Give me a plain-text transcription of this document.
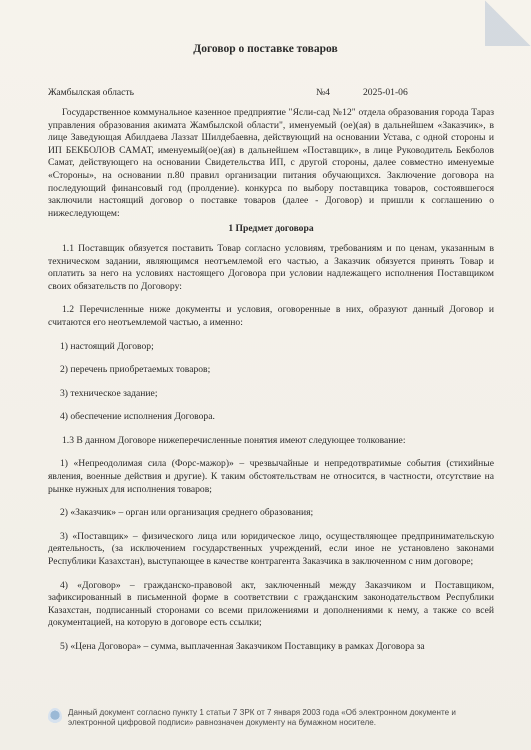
Договор о поставке товаров
Жамбылская область	№4	2025-01-06

Государственное коммунальное казенное предприятие "Ясли-сад №12" отдела образования города Тараз управления образования акимата Жамбылской области", именуемый (ое)(ая) в дальнейшем «Заказчик», в лице Заведующая Абилдаева Лаззат Шилдебаевна, действующий на основании Устава, с одной стороны и ИП БЕКБОЛОВ САМАТ, именуемый(ое)(ая) в дальнейшем «Поставщик», в лице Руководитель Бекболов Самат, действующего на основании Свидетельства ИП, с другой стороны, далее совместно именуемые «Стороны», на основании п.80 правил организации питания обучающихся. Заключение договора на последующий финансовый год (пролдение). конкурса по выбору поставщика товаров, состоявшегося заключили настоящий договор о поставке товаров (далее - Договор) и пришли к соглашению о нижеследующем:

1 Предмет договора

1.1 Поставщик обязуется поставить Товар согласно условиям, требованиям и по ценам, указанным в техническом задании, являющимся неотъемлемой его частью, а Заказчик обязуется принять Товар и оплатить за него на условиях настоящего Договора при условии надлежащего исполнения Поставщиком своих обязательств по Договору:

1.2 Перечисленные ниже документы и условия, оговоренные в них, образуют данный Договор и считаются его неотъемлемой частью, а именно:

1) настоящий Договор;

2) перечень приобретаемых товаров;

3) техническое задание;

4) обеспечение исполнения Договора.

1.3 В данном Договоре нижеперечисленные понятия имеют следующее толкование:

1) «Непреодолимая сила (Форс-мажор)» – чрезвычайные и непредотвратимые события (стихийные явления, военные действия и другие). К таким обстоятельствам не относится, в частности, отсутствие на рынке нужных для исполнения товаров;

2) «Заказчик» – орган или организация среднего образования;

3) «Поставщик» – физического лица или юридическое лицо, осуществляющее предпринимательскую деятельность, (за исключением государственных учреждений, если иное не установлено законами Республики Казахстан), выступающее в качестве контрагента Заказчика в заключенном с ним договоре;

4) «Договор» – гражданско-правовой акт, заключенный между Заказчиком и Поставщиком, зафиксированный в письменной форме в соответствии с гражданским законодательством Республики Казахстан, подписанный сторонами со всеми приложениями и дополнениями к нему, а также со всей документацией, на которую в договоре есть ссылки;

5) «Цена Договора» – сумма, выплаченная Заказчиком Поставщику в рамках Договора за

Данный документ согласно пункту 1 статьи 7 ЗРК от 7 января 2003 года «Об электронном документе и электронной цифровой подписи» равнозначен документу на бумажном носителе.
